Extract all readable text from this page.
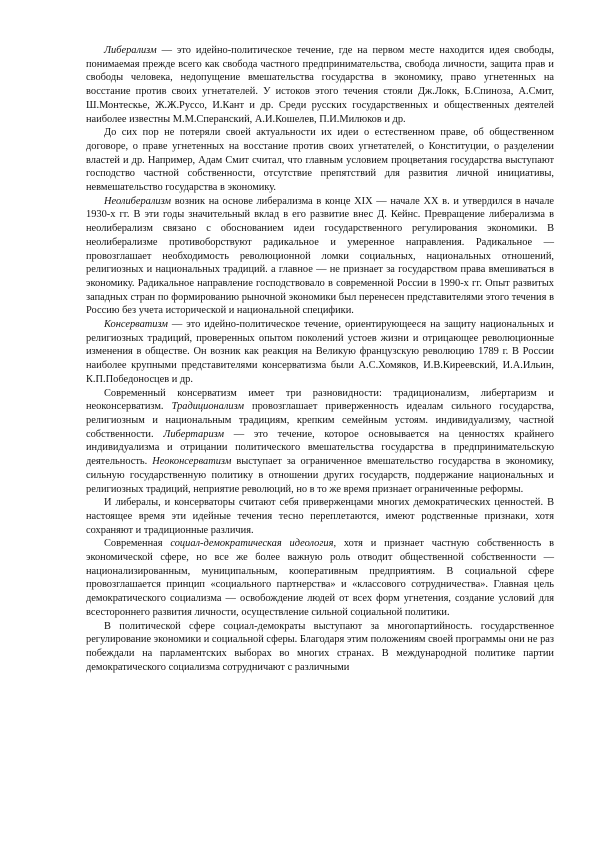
Либерализм — это идейно-политическое течение, где на первом месте находится идея свободы, понимаемая прежде всего как свобода частного предпринимательства, свобода личности, защита прав и свободы человека, недопущение вмешательства государства в экономику, право угнетенных на восстание против своих угнетателей. У истоков этого течения стояли Дж.Локк, Б.Спиноза, А.Смит, Ш.Монтескье, Ж.Ж.Руссо, И.Кант и др. Среди русских государственных и общественных деятелей наиболее известны М.М.Сперанский, А.И.Кошелев, П.И.Милюков и др.

До сих пор не потеряли своей актуальности их идеи о естественном праве, об общественном договоре, о праве угнетенных на восстание против своих угнетателей, о Конституции, о разделении властей и др. Например, Адам Смит считал, что главным условием процветания государства выступают господство частной собственности, отсутствие препятствий для развития личной инициативы, невмешательство государства в экономику.

Неолиберализм возник на основе либерализма в конце XIX — начале XX в. и утвердился в начале 1930-х гг. В эти годы значительный вклад в его развитие внес Д. Кейнс. Превращение либерализма в неолиберализм связано с обоснованием идеи государственного регулирования экономики. В неолиберализме противоборствуют радикальное и умеренное направления. Радикальное — провозглашает необходимость революционной ломки социальных, национальных отношений, религиозных и национальных традиций. а главное — не признает за государством права вмешиваться в экономику. Радикальное направление господствовало в современной России в 1990-х гг. Опыт развитых западных стран по формированию рыночной экономики был перенесен представителями этого течения в Россию без учета исторической и национальной специфики.

Консерватизм — это идейно-политическое течение, ориентирующееся на защиту национальных и религиозных традиций, проверенных опытом поколений устоев жизни и отрицающее революционные изменения в обществе. Он возник как реакция на Великую французскую революцию 1789 г. В России наиболее крупными представителями консерватизма были А.С.Хомяков, И.В.Киреевский, И.А.Ильин, К.П.Победоносцев и др.

Современный консерватизм имеет три разновидности: традиционализм, либертаризм и неоконсерватизм. Традиционализм провозглашает приверженность идеалам сильного государства, религиозным и национальным традициям, крепким семейным устоям. индивидуализму, частной собственности. Либертаризм — это течение, которое основывается на ценностях крайнего индивидуализма и отрицании политического вмешательства государства в предпринимательскую деятельность. Неоконсерватизм выступает за ограниченное вмешательство государства в экономику, сильную государственную политику в отношении других государств, поддержание национальных и религиозных традиций, неприятие революций, но в то же время признает ограниченные реформы.

И либералы, и консерваторы считают себя приверженцами многих демократических ценностей. В настоящее время эти идейные течения тесно переплетаются, имеют родственные признаки, хотя сохраняют и традиционные различия.

Современная социал-демократическая идеология, хотя и признает частную собственность в экономической сфере, но все же более важную роль отводит общественной собственности — национализированным, муниципальным, кооперативным предприятиям. В социальной сфере провозглашается принцип «социального партнерства» и «классового сотрудничества». Главная цель демократического социализма — освобождение людей от всех форм угнетения, создание условий для всестороннего развития личности, осуществление сильной социальной политики.

В политической сфере социал-демократы выступают за многопартийность. государственное регулирование экономики и социальной сферы. Благодаря этим положениям своей программы они не раз побеждали на парламентских выборах во многих странах. В международной политике партии демократического социализма сотрудничают с различными
